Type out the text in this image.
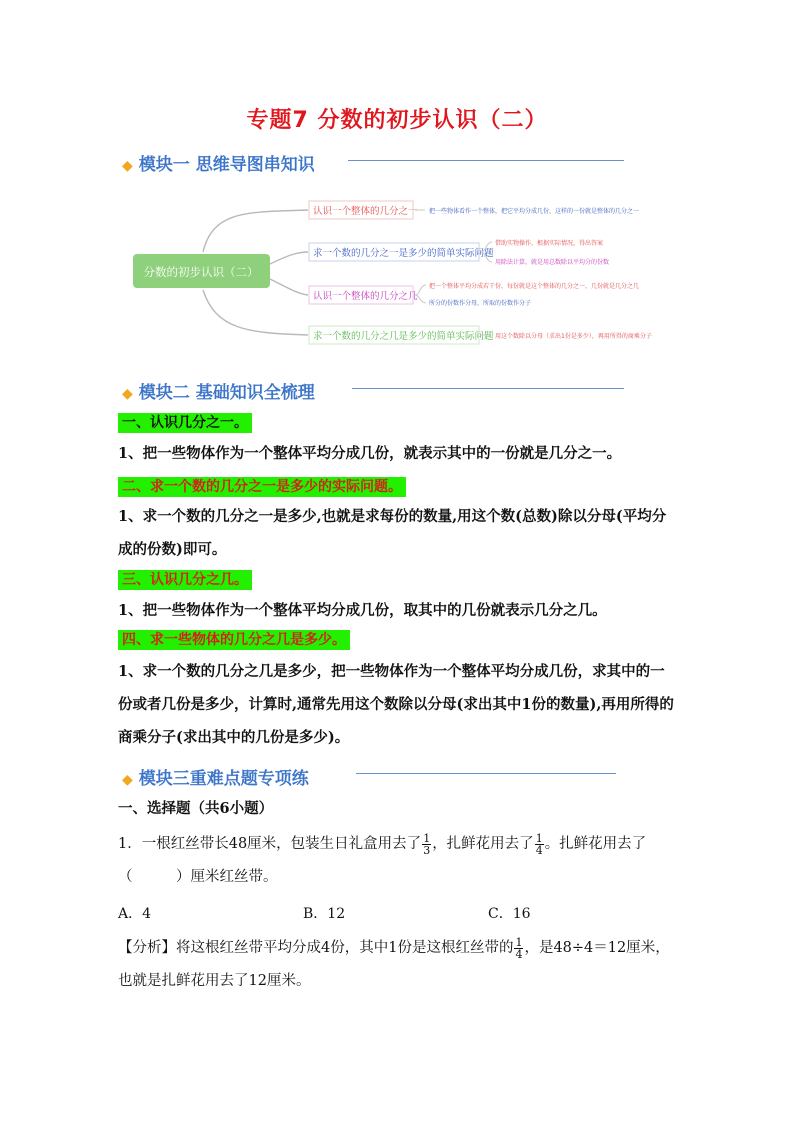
专题7 分数的初步认识（二）
◆ 模块一 思维导图串知识
分数的初步认识（二）
认识一个整体的几分之一 把一些物体看作一个整体，把它平均分成几份，这样的一份就是整体的几分之一
求一个数的几分之一是多少的简单实际问题
借助实物操作，根据实际情况，得出答案
用除法计算，就是用总数除以平均分的份数
认识一个整体的几分之几
把一个整体平均分成若干份，每份就是这个整体的几分之一，几份就是几分之几
所分的份数作分母，所取的份数作分子
求一个数的几分之几是多少的简单实际问题 用这个数除以分母（求出1份是多少），再用所得的商乘分子
◆ 模块二 基础知识全梳理
一、认识几分之一。
1、把一些物体作为一个整体平均分成几份，就表示其中的一份就是几分之一。
二、求一个数的几分之一是多少的实际问题。
1、求一个数的几分之一是多少,也就是求每份的数量,用这个数(总数)除以分母(平均分成的份数)即可。
三、认识几分之几。
1、把一些物体作为一个整体平均分成几份，取其中的几份就表示几分之几。
四、求一些物体的几分之几是多少。
1、求一个数的几分之几是多少，把一些物体作为一个整体平均分成几份，求其中的一份或者几份是多少，计算时,通常先用这个数除以分母(求出其中1份的数量),再用所得的商乘分子(求出其中的几份是多少)。
◆ 模块三重难点题专项练
一、选择题（共6小题）
1．一根红丝带长48厘米，包装生日礼盒用去了 $\frac{1}{3}$ ，扎鲜花用去了 $\frac{1}{4}$ 。扎鲜花用去了（　　　）厘米红丝带。
A．4	B．12	C．16
【分析】将这根红丝带平均分成4份，其中1份是这根红丝带的 $\frac{1}{4}$ ，是48÷4＝12厘米，也就是扎鲜花用去了12厘米。
